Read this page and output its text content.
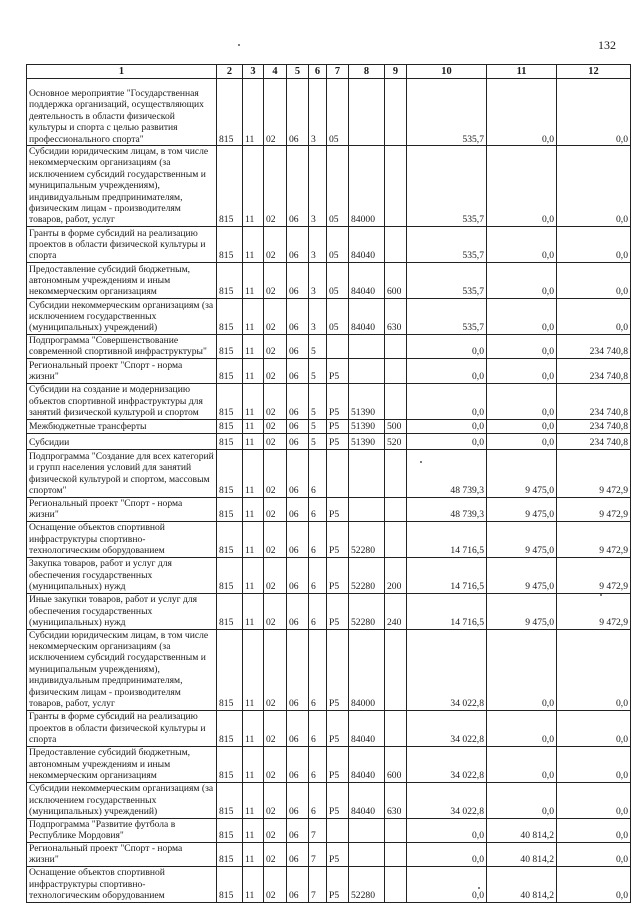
132
1	2	3	4	5	6	7	8	9	10	11	12
Основное мероприятие "Государственная поддержка организаций, осуществляющих деятельность в области физической культуры и спорта с целью развития профессионального спорта"	815	11	02	06	3	05			535,7	0,0	0,0
Субсидии юридическим лицам, в том числе некоммерческим организациям (за исключением субсидий государственным и муниципальным учреждениям), индивидуальным предпринимателям, физическим лицам - производителям товаров, работ, услуг	815	11	02	06	3	05	84000		535,7	0,0	0,0
Гранты в форме субсидий на реализацию проектов в области физической культуры и спорта	815	11	02	06	3	05	84040		535,7	0,0	0,0
Предоставление субсидий бюджетным, автономным учреждениям и иным некоммерческим организациям	815	11	02	06	3	05	84040	600	535,7	0,0	0,0
Субсидии некоммерческим организациям (за исключением государственных (муниципальных) учреждений)	815	11	02	06	3	05	84040	630	535,7	0,0	0,0
Подпрограмма "Совершенствование современной спортивной инфраструктуры"	815	11	02	06	5				0,0	0,0	234 740,8
Региональный проект "Спорт - норма жизни"	815	11	02	06	5	P5			0,0	0,0	234 740,8
Субсидии на создание и модернизацию объектов спортивной инфраструктуры для занятий физической культурой и спортом	815	11	02	06	5	P5	51390		0,0	0,0	234 740,8
Межбюджетные трансферты	815	11	02	06	5	P5	51390	500	0,0	0,0	234 740,8
Субсидии	815	11	02	06	5	P5	51390	520	0,0	0,0	234 740,8
Подпрограмма "Создание для всех категорий и групп населения условий для занятий физической культурой и спортом, массовым спортом"	815	11	02	06	6				48 739,3	9 475,0	9 472,9
Региональный проект "Спорт - норма жизни"	815	11	02	06	6	P5			48 739,3	9 475,0	9 472,9
Оснащение объектов спортивной инфраструктуры спортивно-технологическим оборудованием	815	11	02	06	6	P5	52280		14 716,5	9 475,0	9 472,9
Закупка товаров, работ и услуг для обеспечения государственных (муниципальных) нужд	815	11	02	06	6	P5	52280	200	14 716,5	9 475,0	9 472,9
Иные закупки товаров, работ и услуг для обеспечения государственных (муниципальных) нужд	815	11	02	06	6	P5	52280	240	14 716,5	9 475,0	9 472,9
Субсидии юридическим лицам, в том числе некоммерческим организациям (за исключением субсидий государственным и муниципальным учреждениям), индивидуальным предпринимателям, физическим лицам - производителям товаров, работ, услуг	815	11	02	06	6	P5	84000		34 022,8	0,0	0,0
Гранты в форме субсидий на реализацию проектов в области физической культуры и спорта	815	11	02	06	6	P5	84040		34 022,8	0,0	0,0
Предоставление субсидий бюджетным, автономным учреждениям и иным некоммерческим организациям	815	11	02	06	6	P5	84040	600	34 022,8	0,0	0,0
Субсидии некоммерческим организациям (за исключением государственных (муниципальных) учреждений)	815	11	02	06	6	P5	84040	630	34 022,8	0,0	0,0
Подпрограмма "Развитие футбола в Республике Мордовия"	815	11	02	06	7				0,0	40 814,2	0,0
Региональный проект "Спорт - норма жизни"	815	11	02	06	7	P5			0,0	40 814,2	0,0
Оснащение объектов спортивной инфраструктуры спортивно-технологическим оборудованием	815	11	02	06	7	P5	52280		0,0	40 814,2	0,0
